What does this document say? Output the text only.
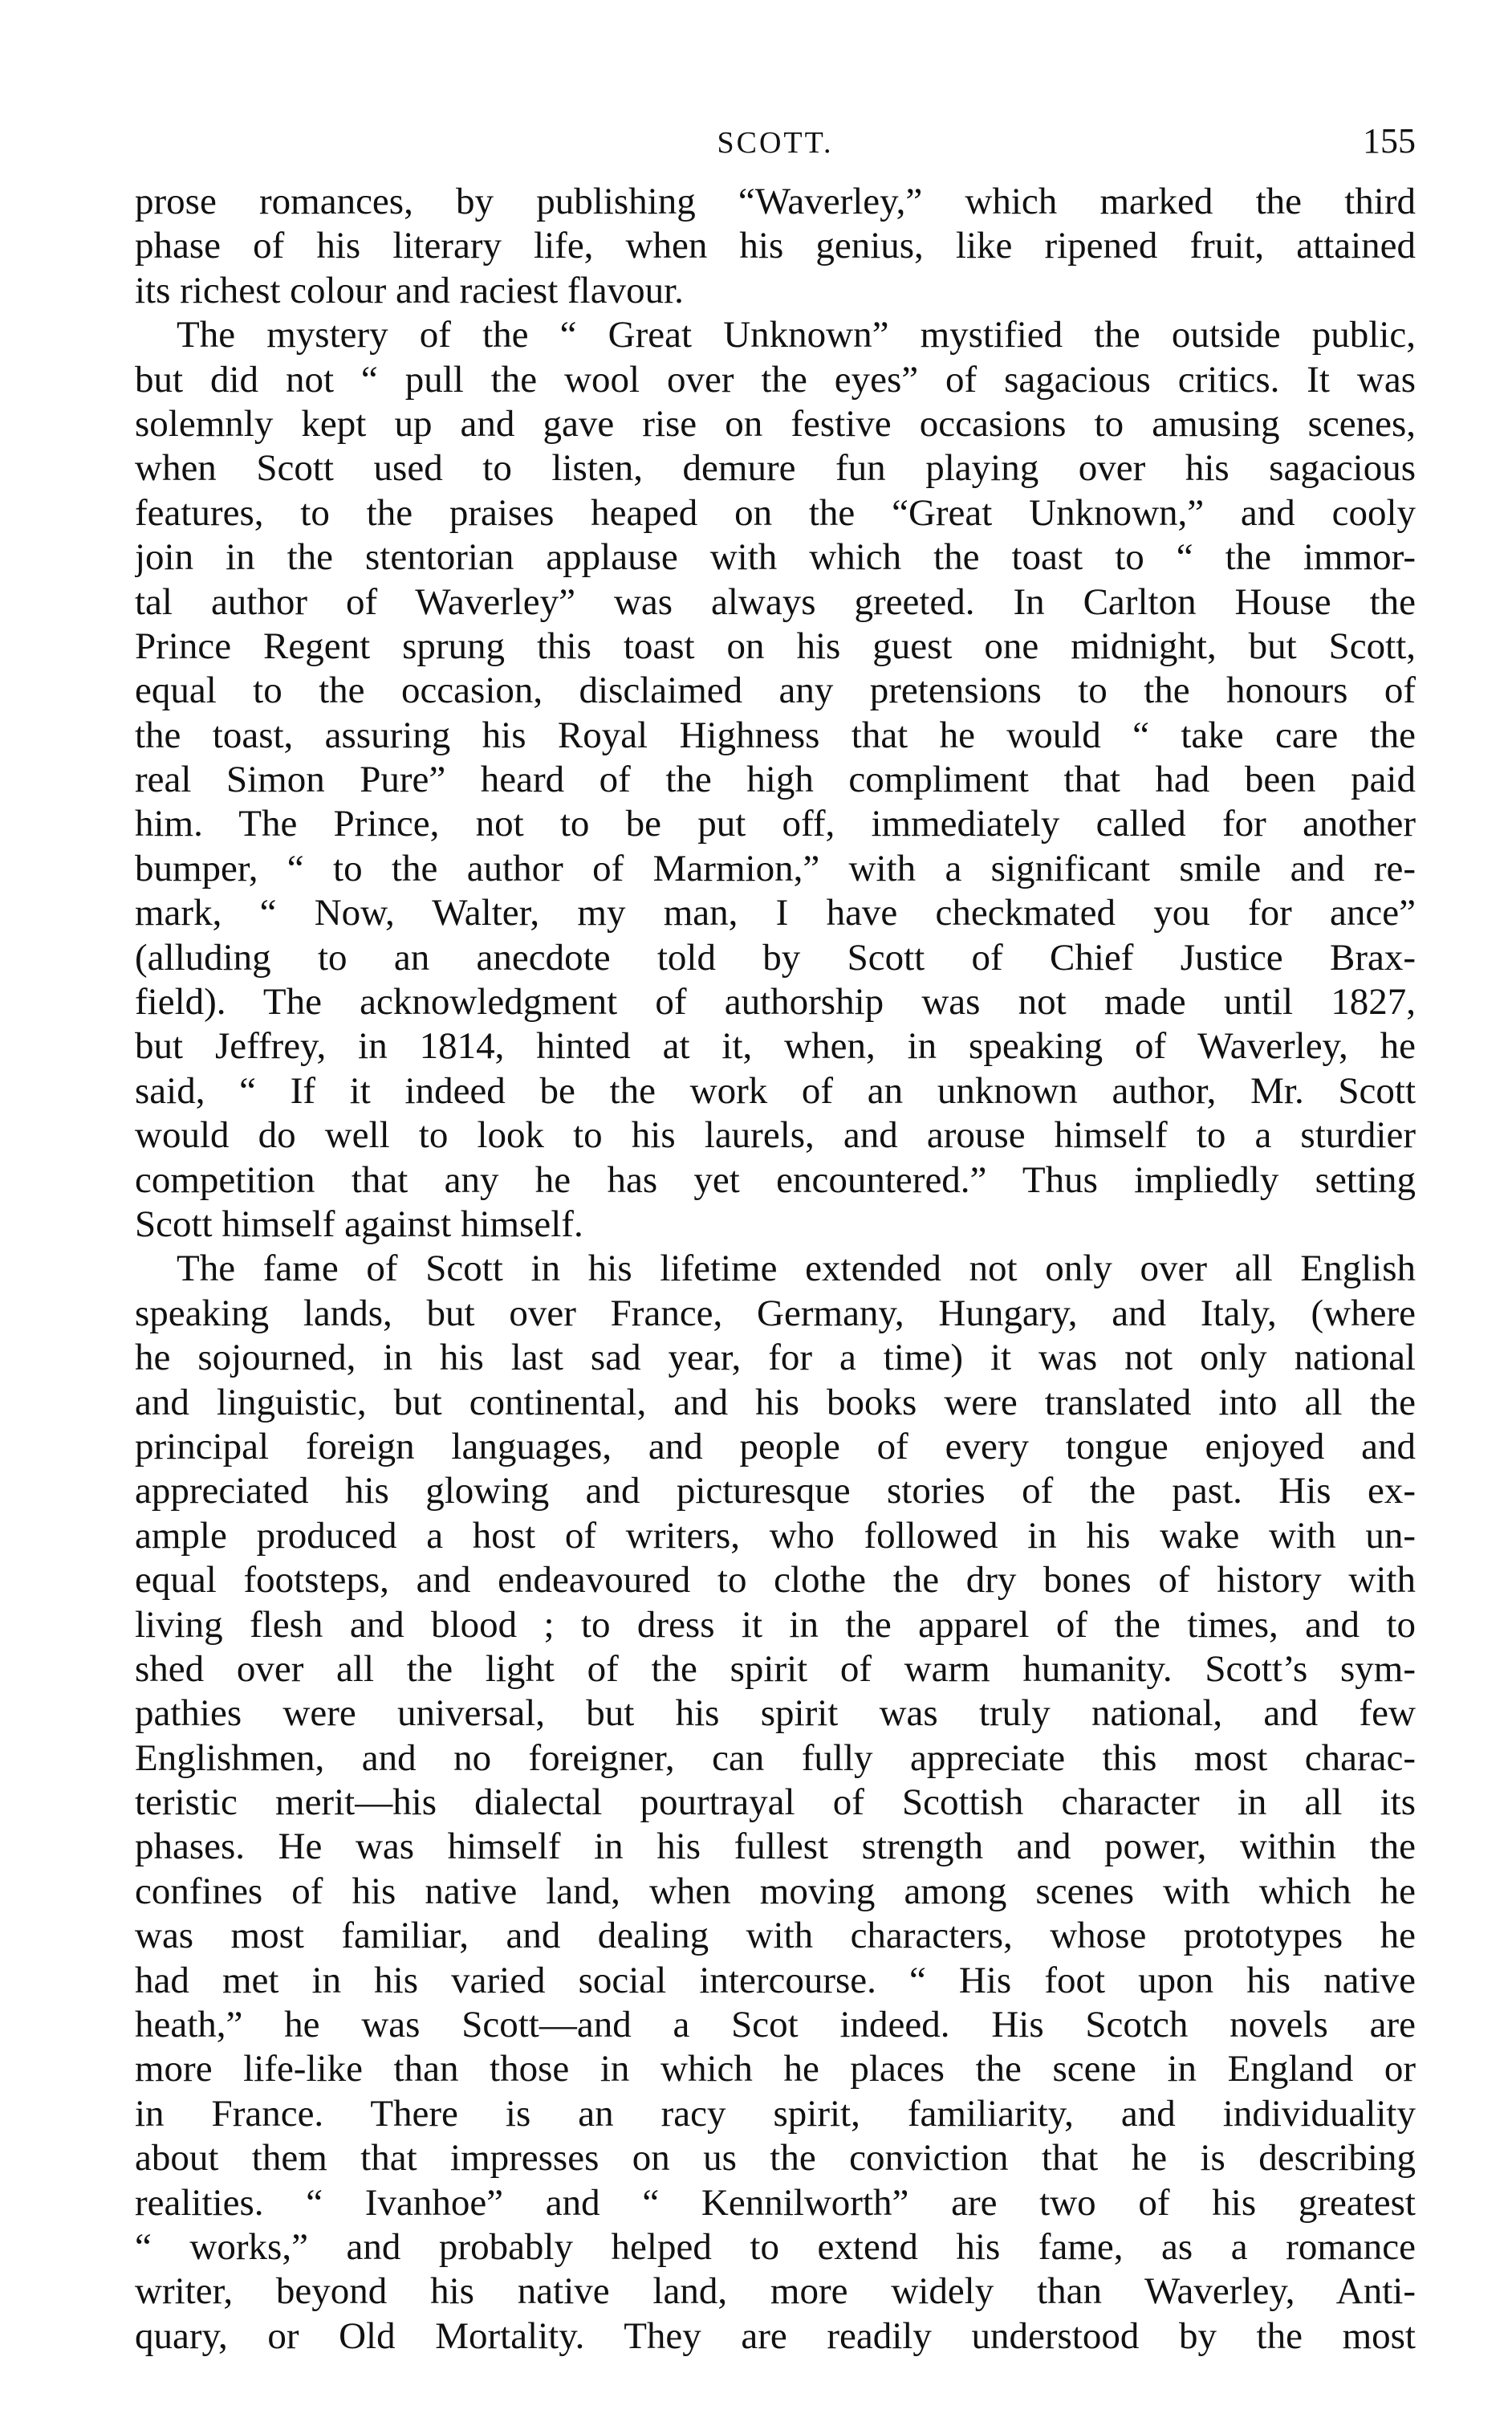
SCOTT.	155
prose romances, by publishing “Waverley,” which marked the third
phase of his literary life, when his genius, like ripened fruit, attained
its richest colour and raciest flavour.
The mystery of the “ Great Unknown” mystified the outside public,
but did not “ pull the wool over the eyes” of sagacious critics. It was
solemnly kept up and gave rise on festive occasions to amusing scenes,
when Scott used to listen, demure fun playing over his sagacious
features, to the praises heaped on the “Great Unknown,” and cooly
join in the stentorian applause with which the toast to “ the immor-
tal author of Waverley” was always greeted. In Carlton House the
Prince Regent sprung this toast on his guest one midnight, but Scott,
equal to the occasion, disclaimed any pretensions to the honours of
the toast, assuring his Royal Highness that he would “ take care the
real Simon Pure” heard of the high compliment that had been paid
him. The Prince, not to be put off, immediately called for another
bumper, “ to the author of Marmion,” with a significant smile and re-
mark, “ Now, Walter, my man, I have checkmated you for ance”
(alluding to an anecdote told by Scott of Chief Justice Brax-
field). The acknowledgment of authorship was not made until 1827,
but Jeffrey, in 1814, hinted at it, when, in speaking of Waverley, he
said, “ If it indeed be the work of an unknown author, Mr. Scott
would do well to look to his laurels, and arouse himself to a sturdier
competition that any he has yet encountered.” Thus impliedly setting
Scott himself against himself.
The fame of Scott in his lifetime extended not only over all English
speaking lands, but over France, Germany, Hungary, and Italy, (where
he sojourned, in his last sad year, for a time) it was not only national
and linguistic, but continental, and his books were translated into all the
principal foreign languages, and people of every tongue enjoyed and
appreciated his glowing and picturesque stories of the past. His ex-
ample produced a host of writers, who followed in his wake with un-
equal footsteps, and endeavoured to clothe the dry bones of history with
living flesh and blood ; to dress it in the apparel of the times, and to
shed over all the light of the spirit of warm humanity. Scott’s sym-
pathies were universal, but his spirit was truly national, and few
Englishmen, and no foreigner, can fully appreciate this most charac-
teristic merit—his dialectal pourtrayal of Scottish character in all its
phases. He was himself in his fullest strength and power, within the
confines of his native land, when moving among scenes with which he
was most familiar, and dealing with characters, whose prototypes he
had met in his varied social intercourse. “ His foot upon his native
heath,” he was Scott—and a Scot indeed. His Scotch novels are
more life-like than those in which he places the scene in England or
in France. There is an racy spirit, familiarity, and individuality
about them that impresses on us the conviction that he is describing
realities. “ Ivanhoe” and “ Kennilworth” are two of his greatest
“ works,” and probably helped to extend his fame, as a romance
writer, beyond his native land, more widely than Waverley, Anti-
quary, or Old Mortality. They are readily understood by the most
